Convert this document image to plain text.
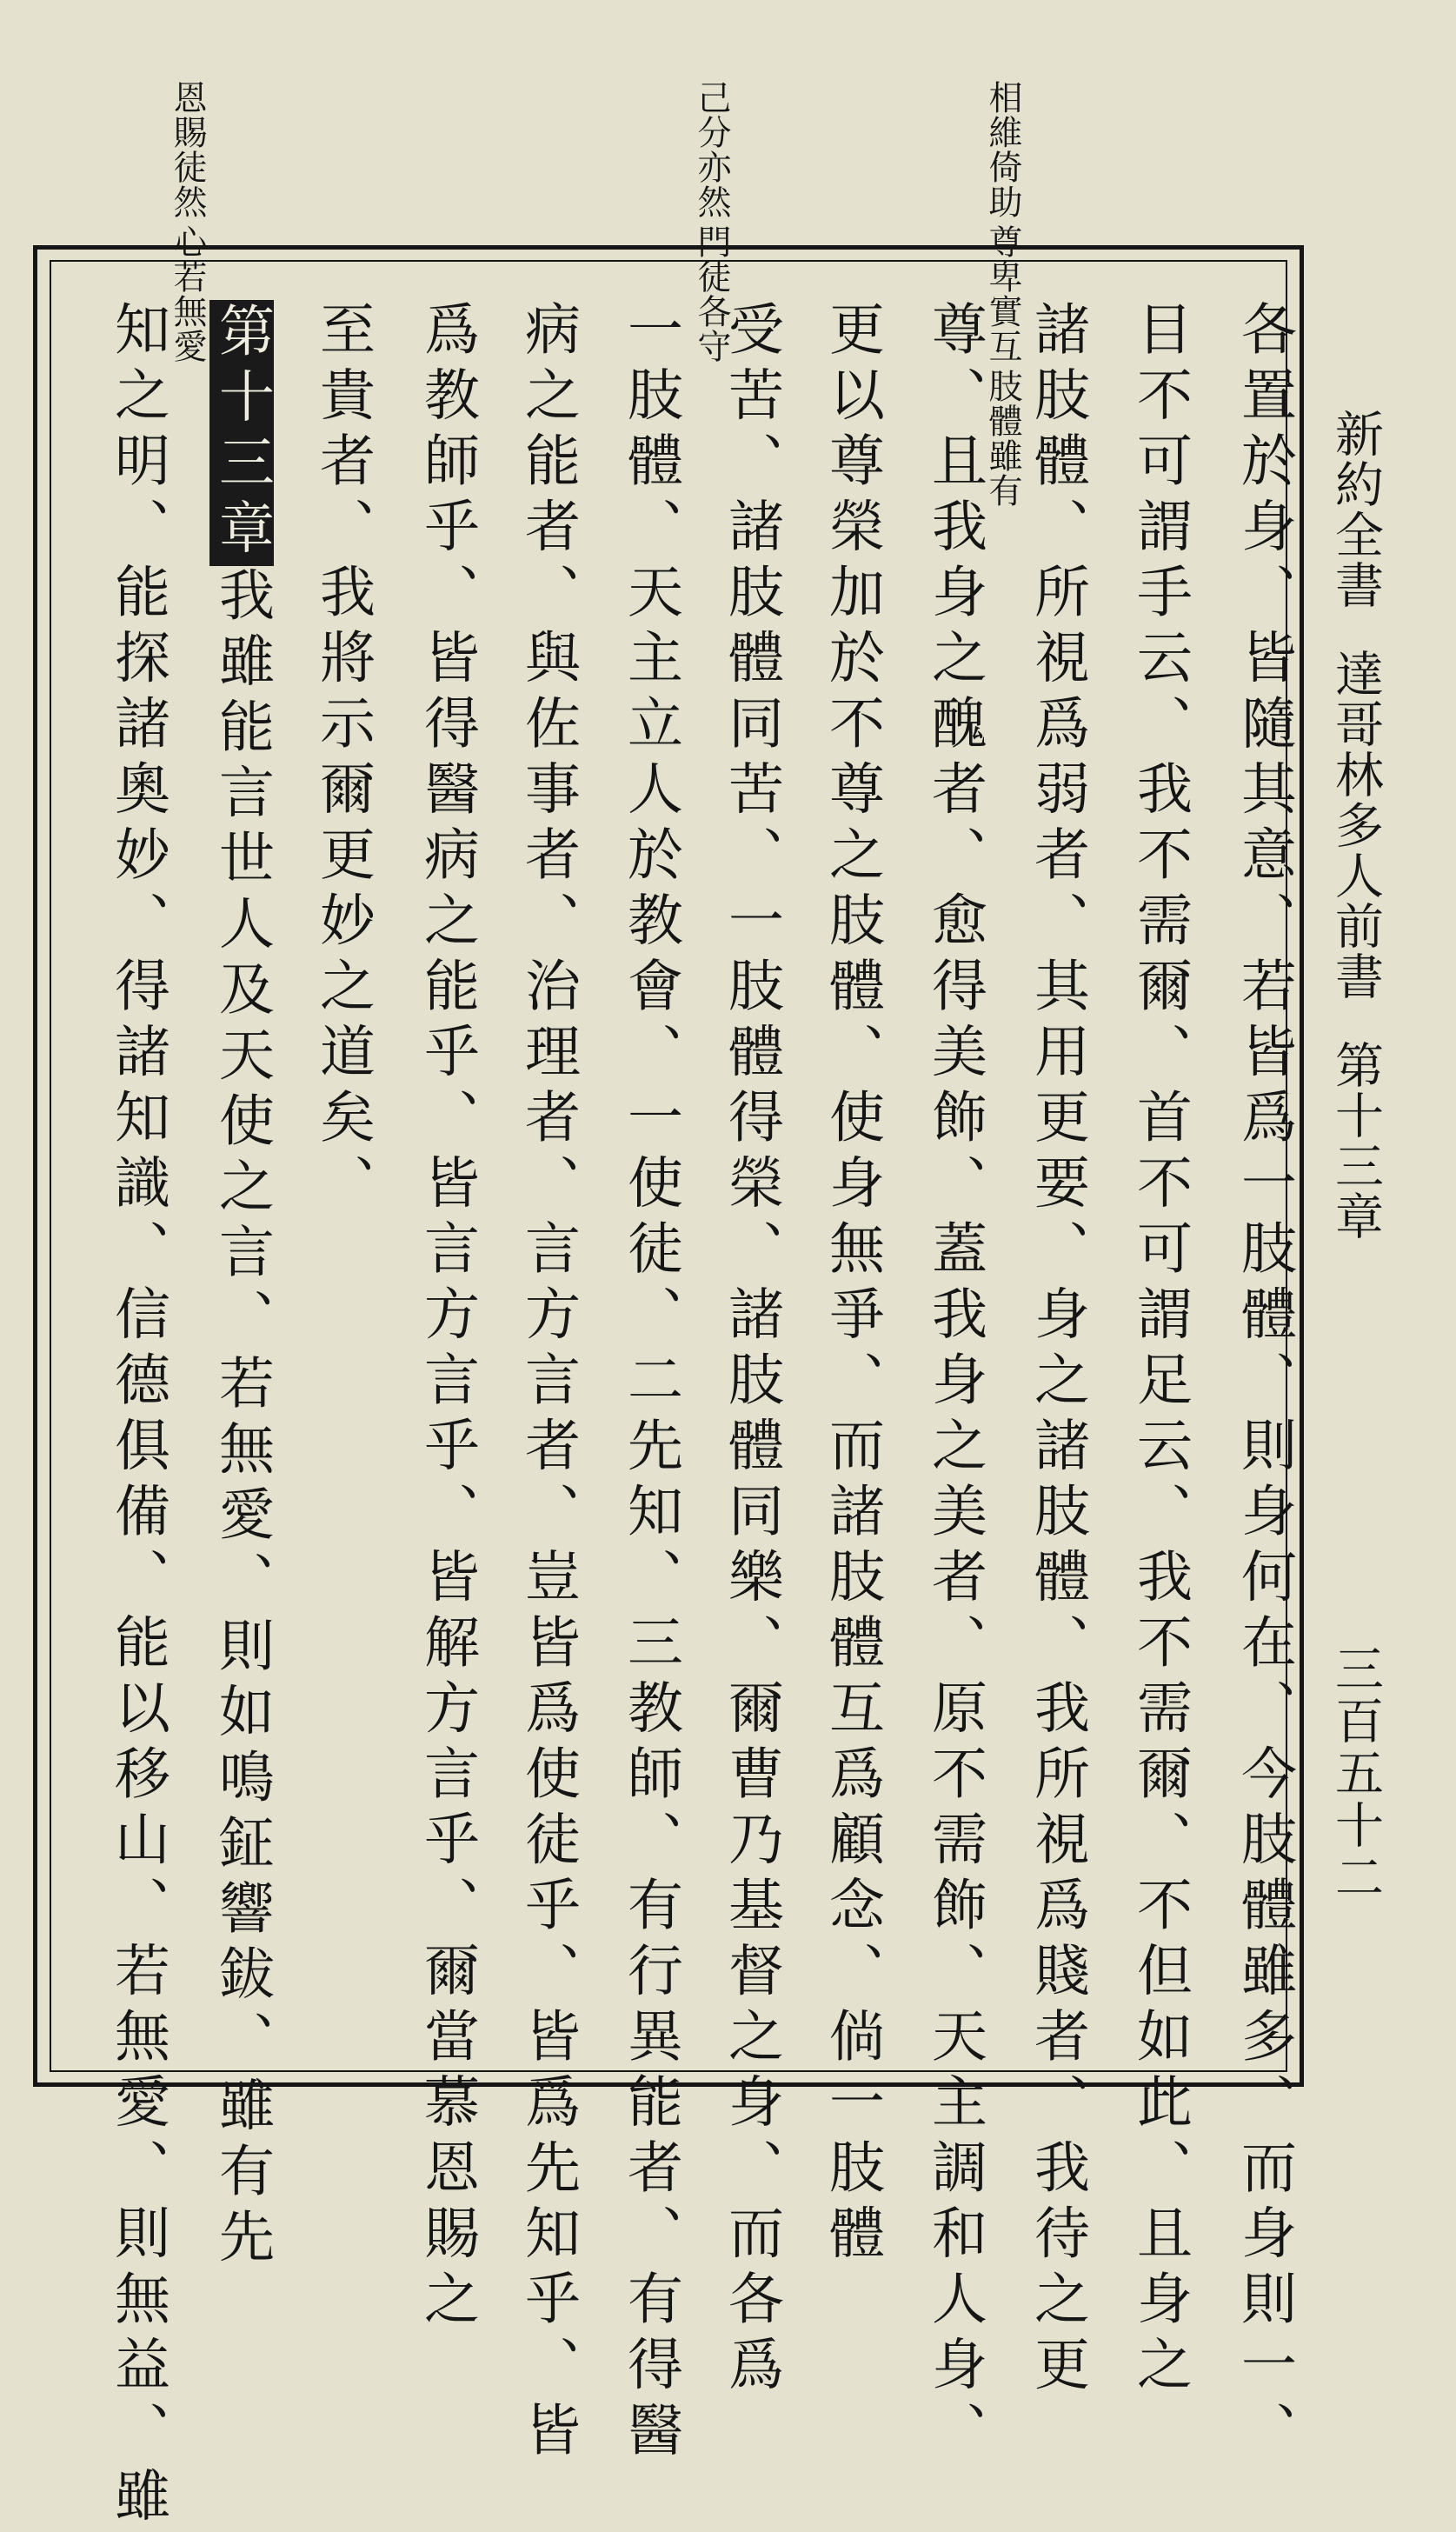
肢體雖有
尊卑實互
相維倚助
門徒各守
己分亦然
心若無愛
恩賜徒然
新約全書達哥林多人前書第十三章
三百五十二
各置於身、皆隨其意、若皆爲一肢體、則身何在、今肢體雖多、而身則一、
目不可謂手云、我不需爾、首不可謂足云、我不需爾、不但如此、且身之
諸肢體、所視爲弱者、其用更要、身之諸肢體、我所視爲賤者、我待之更
尊、且我身之醜者、愈得美飾、蓋我身之美者、原不需飾、天主調和人身、
更以尊榮加於不尊之肢體、使身無爭、而諸肢體互爲顧念、倘一肢體
受苦、諸肢體同苦、一肢體得榮、諸肢體同樂、爾曹乃基督之身、而各爲
一肢體、天主立人於教會、一使徒、二先知、三教師、有行異能者、有得醫
病之能者、與佐事者、治理者、言方言者、豈皆爲使徒乎、皆爲先知乎、皆
爲教師乎、皆得醫病之能乎、皆言方言乎、皆解方言乎、爾當慕恩賜之
至貴者、我將示爾更妙之道矣、
第十三章我雖能言世人及天使之言、若無愛、則如鳴鉦響鈸、雖有先
知之明、能探諸奧妙、得諸知識、信德俱備、能以移山、若無愛、則無益、雖
